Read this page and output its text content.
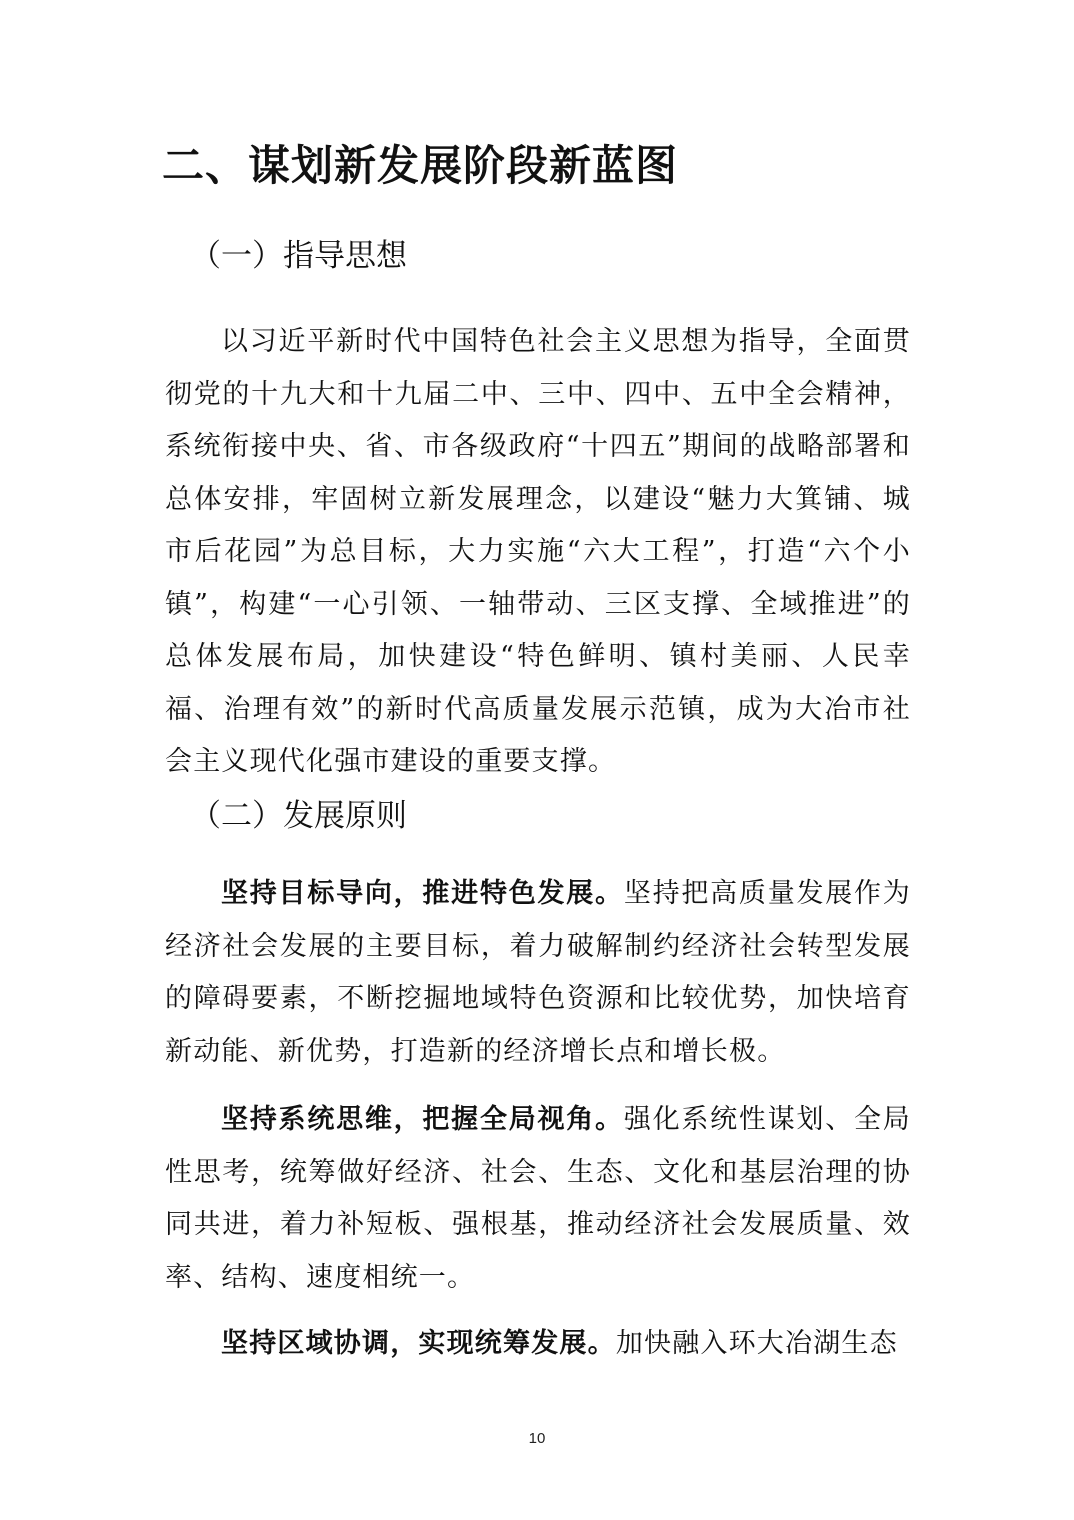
二、谋划新发展阶段新蓝图
（一）指导思想

以习近平新时代中国特色社会主义思想为指导，全面贯彻党的十九大和十九届二中、三中、四中、五中全会精神，系统衔接中央、省、市各级政府“十四五”期间的战略部署和总体安排，牢固树立新发展理念，以建设“魅力大箕铺、城市后花园”为总目标，大力实施“六大工程”，打造“六个小镇”，构建“一心引领、一轴带动、三区支撑、全域推进”的总体发展布局，加快建设“特色鲜明、镇村美丽、人民幸福、治理有效”的新时代高质量发展示范镇，成为大冶市社会主义现代化强市建设的重要支撑。

（二）发展原则

坚持目标导向，推进特色发展。坚持把高质量发展作为经济社会发展的主要目标，着力破解制约经济社会转型发展的障碍要素，不断挖掘地域特色资源和比较优势，加快培育新动能、新优势，打造新的经济增长点和增长极。

坚持系统思维，把握全局视角。强化系统性谋划、全局性思考，统筹做好经济、社会、生态、文化和基层治理的协同共进，着力补短板、强根基，推动经济社会发展质量、效率、结构、速度相统一。

坚持区域协调，实现统筹发展。加快融入环大冶湖生态

10
